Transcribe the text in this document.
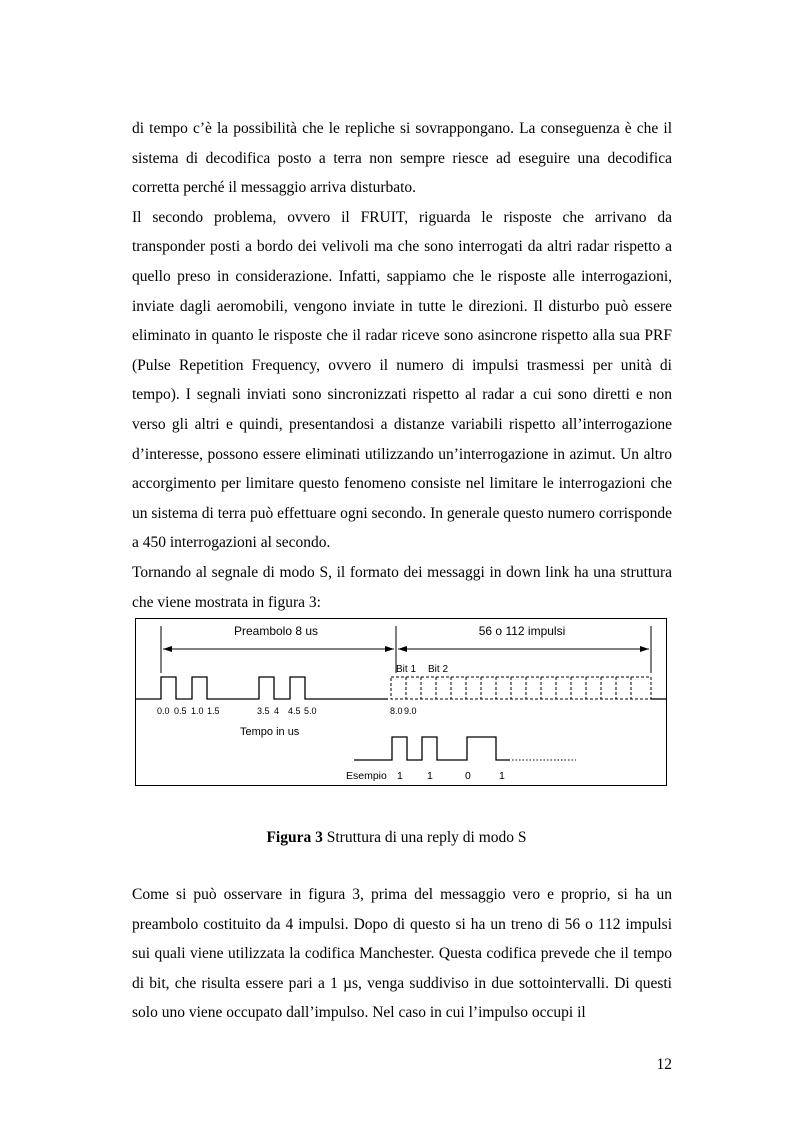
di tempo c’è la possibilità che le repliche si sovrappongano. La conseguenza è che il sistema di decodifica posto a terra non sempre riesce ad eseguire una decodifica corretta perché il messaggio arriva disturbato.

Il secondo problema, ovvero il FRUIT, riguarda le risposte che arrivano da transponder posti a bordo dei velivoli ma che sono interrogati da altri radar rispetto a quello preso in considerazione. Infatti, sappiamo che le risposte alle interrogazioni, inviate dagli aeromobili, vengono inviate in tutte le direzioni. Il disturbo può essere eliminato in quanto le risposte che il radar riceve sono asincrone rispetto alla sua PRF (Pulse Repetition Frequency, ovvero il numero di impulsi trasmessi per unità di tempo). I segnali inviati sono sincronizzati rispetto al radar a cui sono diretti e non verso gli altri e quindi, presentandosi a distanze variabili rispetto all’interrogazione d’interesse, possono essere eliminati utilizzando un’interrogazione in azimut. Un altro accorgimento per limitare questo fenomeno consiste nel limitare le interrogazioni che un sistema di terra può effettuare ogni secondo. In generale questo numero corrisponde a 450 interrogazioni al secondo.

Tornando al segnale di modo S, il formato dei messaggi in down link ha una struttura che viene mostrata in figura 3:

Preambolo 8 us	56 o 112 impulsi
Bit 1 Bit 2
0.0 0.5 1.0 1.5	3.5 4 4.5 5.0	8.0 9.0
Tempo in us
Esempio 1 1	0	1
Figura 3 Struttura di una reply di modo S

Come si può osservare in figura 3, prima del messaggio vero e proprio, si ha un preambolo costituito da 4 impulsi. Dopo di questo si ha un treno di 56 o 112 impulsi sui quali viene utilizzata la codifica Manchester. Questa codifica prevede che il tempo di bit, che risulta essere pari a 1 µs, venga suddiviso in due sottointervalli. Di questi solo uno viene occupato dall’impulso. Nel caso in cui l’impulso occupi il

12
